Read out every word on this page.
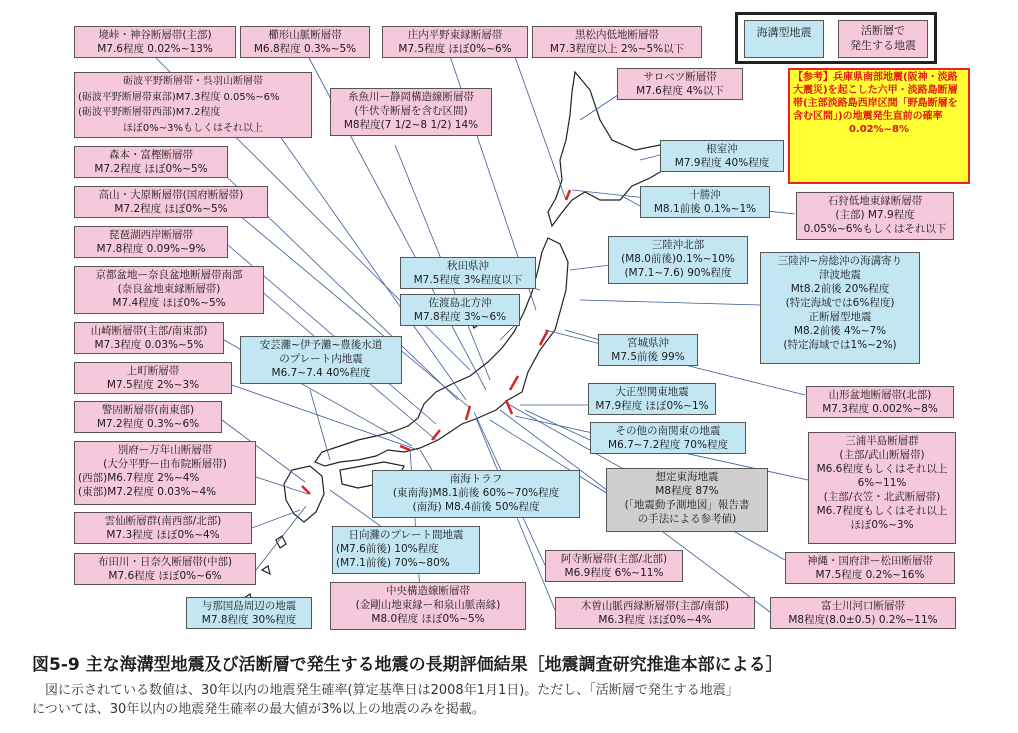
海溝型地震	活断層で
発生する地震
【参考】兵庫県南部地震(阪神・淡路大震災)を起こした六甲・淡路島断層帯(主部淡路島西岸区間「野島断層を含む区間」)の地震発生直前の確率
0.02%~8%
境峠・神谷断層帯(主部)
M7.6程度 0.02%~13%
砺波平野断層帯・呉羽山断層帯
(砺波平野断層帯東部)M7.3程度 0.05%~6%
(砺波平野断層帯西部)M7.2程度
ほぼ0%~3%もしくはそれ以上
森本・富樫断層帯
M7.2程度 ほぼ0%~5%
高山・大原断層帯(国府断層帯)
M7.2程度 ほぼ0%~5%
琵琶湖西岸断層帯
M7.8程度 0.09%~9%
京都盆地ー奈良盆地断層帯南部
(奈良盆地東縁断層帯)
M7.4程度 ほぼ0%~5%
山崎断層帯(主部/南東部)
M7.3程度 0.03%~5%
上町断層帯
M7.5程度 2%~3%
警固断層帯(南東部)
M7.2程度 0.3%~6%
別府ー万年山断層帯
(大分平野ー由布院断層帯)
(西部)M6.7程度 2%~4%
(東部)M7.2程度 0.03%~4%
雲仙断層群(南西部/北部)
M7.3程度 ほぼ0%~4%
布田川・日奈久断層帯(中部)
M7.6程度 ほぼ0%~6%
与那国島周辺の地震
M7.8程度 30%程度
櫛形山脈断層帯
M6.8程度 0.3%~5%
庄内平野東縁断層帯
M7.5程度 ほぼ0%~6%
黒松内低地断層帯
M7.3程度以上 2%~5%以下
糸魚川ー静岡構造線断層帯
(牛伏寺断層を含む区間)
M8程度(7 1/2~8 1/2) 14%
サロベツ断層帯
M7.6程度 4%以下
根室沖
M7.9程度 40%程度
十勝沖
M8.1前後 0.1%~1%
石狩低地東縁断層帯
(主部) M7.9程度
0.05%~6%もしくはそれ以下
三陸沖北部
(M8.0前後)0.1%~10%
(M7.1~7.6) 90%程度
秋田県沖
M7.5程度 3%程度以下
佐渡島北方沖
M7.8程度 3%~6%
三陸沖~房総沖の海溝寄り
津波地震
Mt8.2前後 20%程度
(特定海域では6%程度)
正断層型地震
M8.2前後 4%~7%
(特定海域では1%~2%)
宮城県沖
M7.5前後 99%
安芸灘~伊予灘~豊後水道
のプレート内地震
M6.7~7.4 40%程度
山形盆地断層帯(北部)
M7.3程度 0.002%~8%
大正型関東地震
M7.9程度 ほぼ0%~1%
その他の南関東の地震
M6.7~7.2程度 70%程度	三浦半島断層群
(主部/武山断層帯)
M6.6程度もしくはそれ以上
6%~11%
(主部/衣笠・北武断層帯)
M6.7程度もしくはそれ以上
ほぼ0%~3%
南海トラフ
(東南海)M8.1前後 60%~70%程度
(南海) M8.4前後 50%程度
想定東海地震
M8程度 87%
(「地震動予測地図」報告書
の手法による参考値)
日向灘のプレート間地震
(M7.6前後) 10%程度
(M7.1前後) 70%~80%	阿寺断層帯(主部/北部)
M6.9程度 6%~11%
神縄・国府津ー松田断層帯
M7.5程度 0.2%~16%
中央構造線断層帯
(金剛山地東縁ー和泉山脈南縁)
M8.0程度 ほぼ0%~5%
木曽山脈西縁断層帯(主部/南部)
M6.3程度 ほぼ0%~4%
富士川河口断層帯
M8程度(8.0±0.5) 0.2%~11%
図5-9 主な海溝型地震及び活断層で発生する地震の長期評価結果［地震調査研究推進本部による］
図に示されている数値は、30年以内の地震発生確率(算定基準日は2008年1月1日)。ただし、「活断層で発生する地震」
については、30年以内の地震発生確率の最大値が3%以上の地震のみを掲載。
